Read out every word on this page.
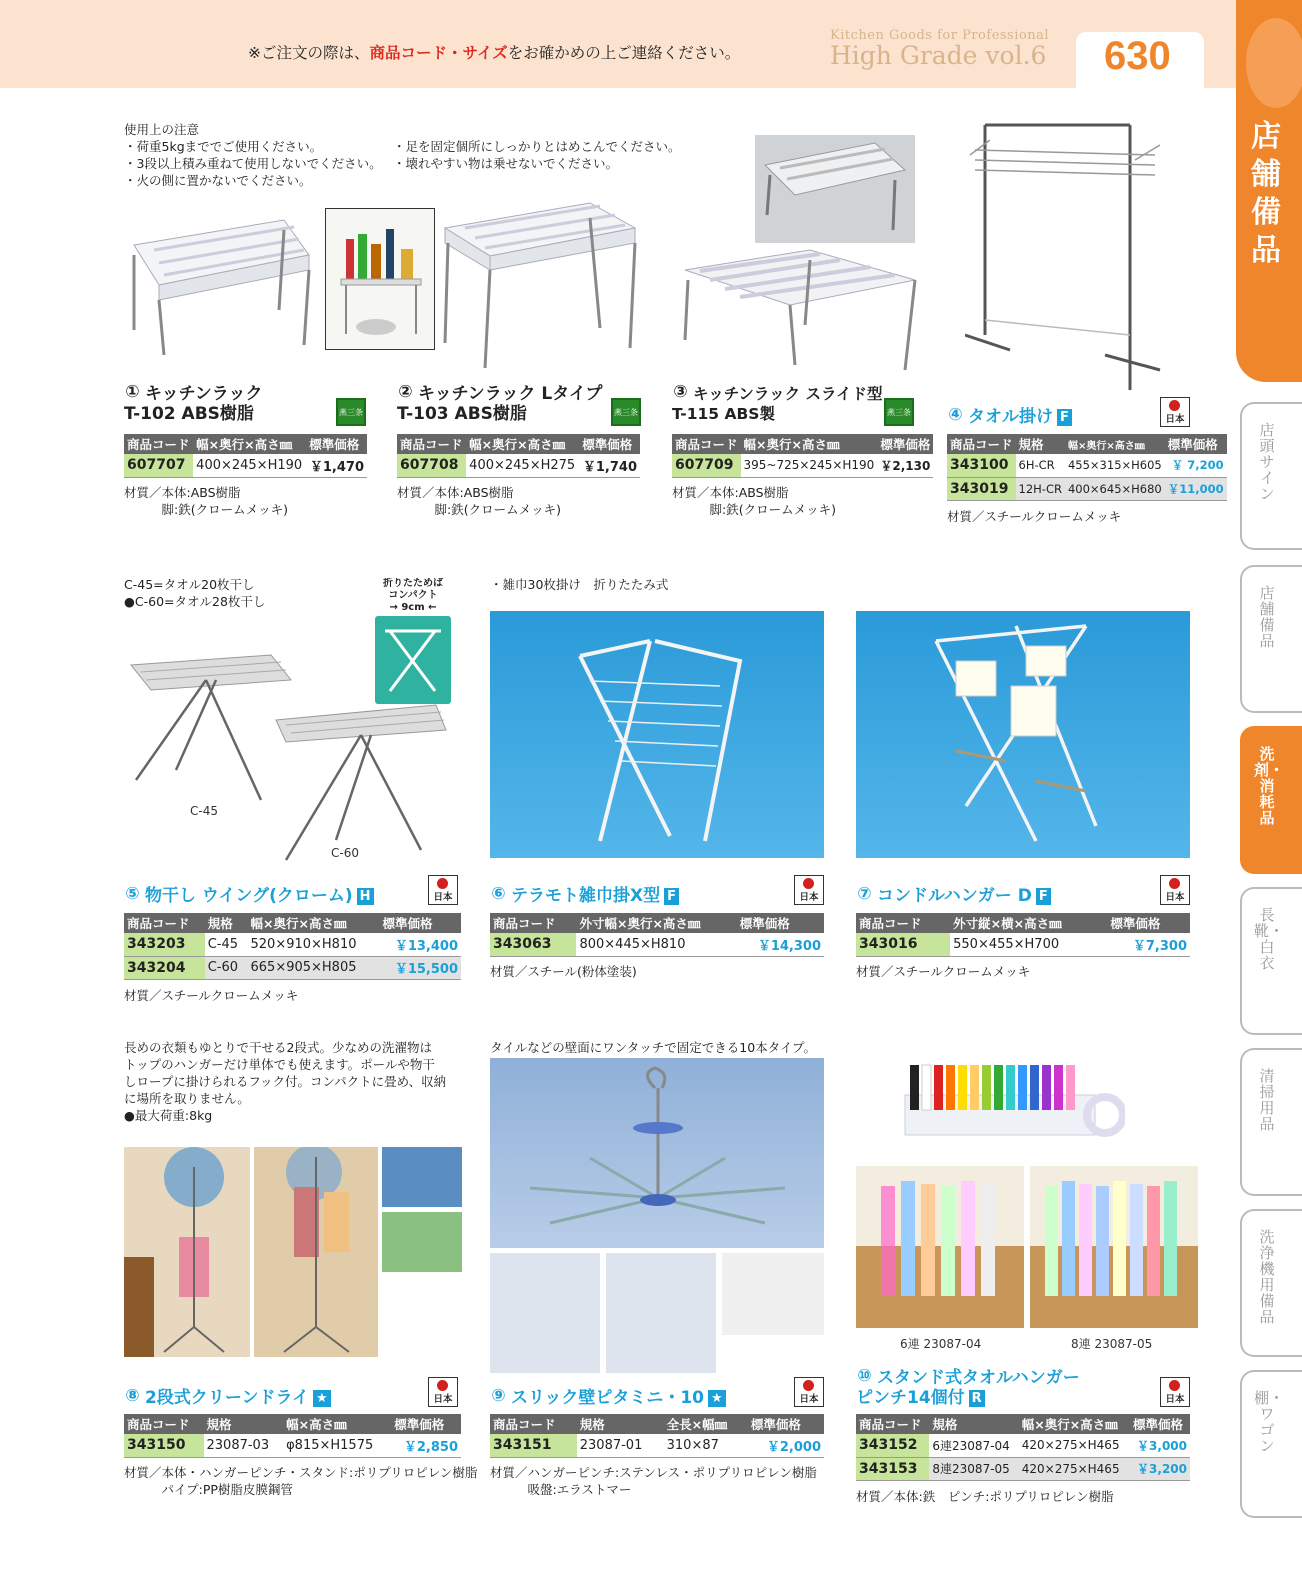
※ご注文の際は、商品コード・サイズをお確かめの上ご連絡ください。
Kitchen Goods for Professional
High Grade vol.6 630
店舗備品
店頭サイン
店舗備品
洗剤・消耗品
長靴・白衣
清掃用品
洗浄機用備品
棚・ワゴン
使用上の注意
・荷重5kgまででご使用ください。
・3段以上積み重ねて使用しないでください。
・火の側に置かないでください。
・足を固定個所にしっかりとはめこんでください。
・壊れやすい物は乗せないでください。
① キッチンラック
T-102 ABS樹脂	燕三条
商品コード	幅×奥行×高さ㎜	標準価格
607707	400×245×H190	￥1,470
材質／本体:ABS樹脂
　　　脚:鉄(クロームメッキ)
② キッチンラック Lタイプ
T-103 ABS樹脂	燕三条
商品コード	幅×奥行×高さ㎜	標準価格
607708	400×245×H275	￥1,740
材質／本体:ABS樹脂
　　　脚:鉄(クロームメッキ)
③ キッチンラック スライド型
T-115 ABS製	燕三条
商品コード	幅×奥行×高さ㎜	標準価格
607709	395~725×245×H190	￥2,130
材質／本体:ABS樹脂
　　　脚:鉄(クロームメッキ)
④ タオル掛け F	日本
商品コード	規格	幅×奥行×高さ㎜	標準価格
343100	6H-CR	455×315×H605	￥ 7,200
343019	12H-CR	400×645×H680	￥11,000
材質／スチールクロームメッキ
C-45=タオル20枚干し
●C-60=タオル28枚干し
折りたためば
コンパクト
→ 9cm ←
C-45
C-60
・雑巾30枚掛け　折りたたみ式
⑤ 物干し ウイング(クローム) H	日本
商品コード	規格	幅×奥行×高さ㎜	標準価格
343203	C-45	520×910×H810	￥13,400
343204	C-60	665×905×H805	￥15,500
材質／スチールクロームメッキ
⑥ テラモト雑巾掛X型 F	日本
商品コード	外寸幅×奥行×高さ㎜	標準価格
343063	800×445×H810	￥14,300
材質／スチール(粉体塗装)
⑦ コンドルハンガー D F	日本
商品コード	外寸縦×横×高さ㎜	標準価格
343016	550×455×H700	￥7,300
材質／スチールクロームメッキ
長めの衣類もゆとりで干せる2段式。少なめの洗濯物は
トップのハンガーだけ単体でも使えます。ポールや物干
しロープに掛けられるフック付。コンパクトに畳め、収納
に場所を取りません。
●最大荷重:8kg
タイルなどの壁面にワンタッチで固定できる10本タイプ。
6連 23087-04	8連 23087-05
⑧ 2段式クリーンドライ ★	日本
商品コード	規格	幅×高さ㎜	標準価格
343150	23087-03	φ815×H1575	￥2,850
材質／本体・ハンガーピンチ・スタンド:ポリプリロピレン樹脂
　　　パイプ:PP樹脂皮膜鋼管
⑨ スリック壁ピタミニ・10 ★	日本
商品コード	規格	全長×幅㎜	標準価格
343151	23087-01	310×87	￥2,000
材質／ハンガーピンチ:ステンレス・ポリプリロピレン樹脂
　　　吸盤:エラストマー
⑩ スタンド式タオルハンガー
ピンチ14個付 R	日本
商品コード	規格	幅×奥行×高さ㎜	標準価格
343152	6連23087-04	420×275×H465	￥3,000
343153	8連23087-05	420×275×H465	￥3,200
材質／本体:鉄　ピンチ:ポリプリロピレン樹脂
